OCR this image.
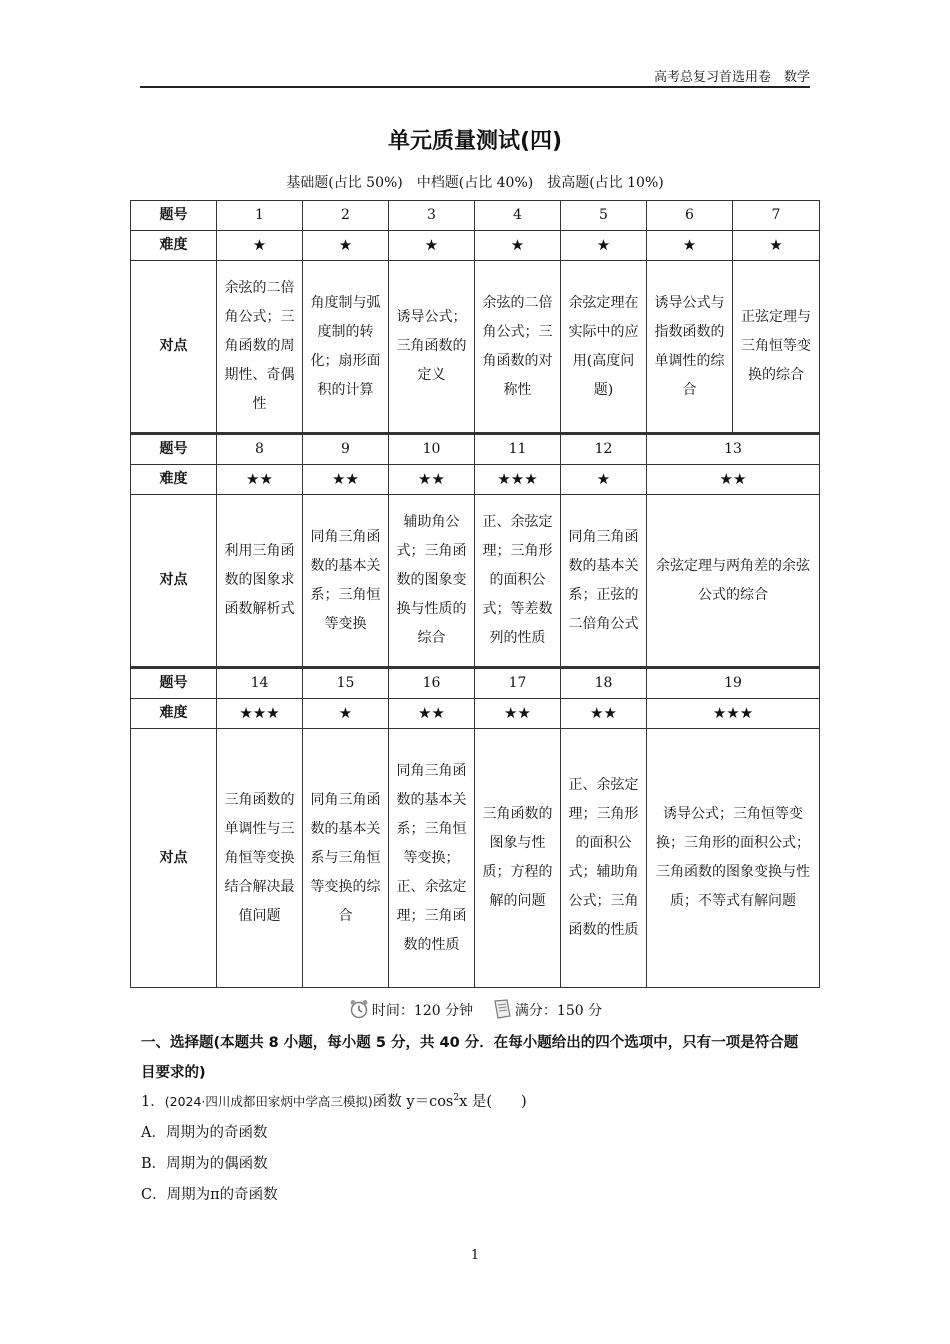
高考总复习首选用卷　数学
单元质量测试(四)
基础题(占比 50%)　中档题(占比 40%)　拔高题(占比 10%)
题号	1	2	3	4	5	6	7
难度	★	★	★	★	★	★	★
对点	余弦的二倍角公式；三角函数的周期性、奇偶性	角度制与弧度制的转化；扇形面积的计算	诱导公式；三角函数的定义	余弦的二倍角公式；三角函数的对称性	余弦定理在实际中的应用(高度问题)	诱导公式与指数函数的单调性的综合	正弦定理与三角恒等变换的综合
题号	8	9	10	11	12	13	
难度	★★	★★	★★	★★★	★	★★	
对点	利用三角函数的图象求函数解析式	同角三角函数的基本关系；三角恒等变换	辅助角公式；三角函数的图象变换与性质的综合	正、余弦定理；三角形的面积公式；等差数列的性质	同角三角函数的基本关系；正弦的二倍角公式	余弦定理与两角差的余弦公式的综合	
题号	14	15	16	17	18	19	
难度	★★★	★	★★	★★	★★	★★★	
对点	三角函数的单调性与三角恒等变换结合解决最值问题	同角三角函数的基本关系与三角恒等变换的综合	同角三角函数的基本关系；三角恒等变换；正、余弦定理；三角函数的性质	三角函数的图象与性质；方程的解的问题	正、余弦定理；三角形的面积公式；辅助角公式；三角函数的性质	诱导公式；三角恒等变换；三角形的面积公式；三角函数的图象变换与性质；不等式有解问题	
时间：120 分钟	满分：150 分
一、选择题(本题共 8 小题，每小题 5 分，共 40 分．在每小题给出的四个选项中，只有一项是符合题目要求的)
1．(2024·四川成都田家炳中学高三模拟)函数 $y=\cos^2x$ 是(　　)
A．周期为的奇函数
B．周期为的偶函数
C．周期为π的奇函数
1
